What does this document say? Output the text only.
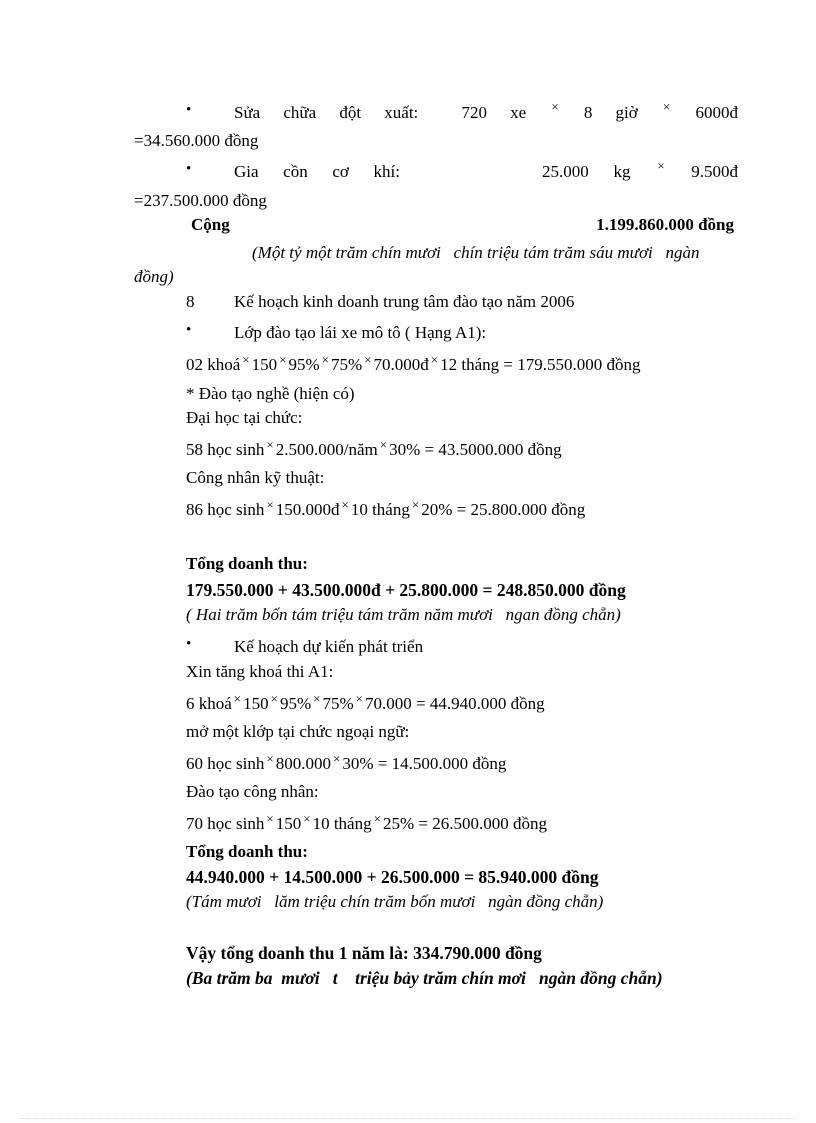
•	Sửa chữa đột xuất:	720 xe × 8 giờ × 6000đ
=34.560.000 đồng
•	Gia cồn cơ khí:	25.000 kg × 9.500đ
=237.500.000 đồng
Cộng	1.199.860.000 đồng
(Một tỷ một trăm chín mươi   chín triệu tám trăm sáu mươi   ngàn
đồng)
8 Kế hoạch kinh doanh trung tâm đào tạo năm 2006
•	Lớp đào tạo lái xe mô tô ( Hạng A1):
02 khoá × 150 × 95% × 75% × 70.000đ × 12 tháng = 179.550.000 đồng
* Đào tạo nghề (hiện có)
Đại học tại chức:
58 học sinh × 2.500.000/năm × 30% = 43.5000.000 đồng
Công nhân kỹ thuật:
86 học sinh × 150.000đ × 10 tháng × 20% = 25.800.000 đồng
Tổng doanh thu:
179.550.000 + 43.500.000đ + 25.800.000 = 248.850.000 đồng
( Hai trăm bốn tám triệu tám trăm năm mươi   ngan đồng chẵn)
•	Kế hoạch dự kiến phát triển
Xin tăng khoá thi A1:
6 khoá × 150 × 95% × 75% × 70.000 = 44.940.000 đồng
mở một klớp tại chức ngoại ngữ:
60 học sinh × 800.000 × 30% = 14.500.000 đồng
Đào tạo công nhân:
70 học sinh × 150 × 10 tháng × 25% = 26.500.000 đồng
Tổng doanh thu:
44.940.000 + 14.500.000 + 26.500.000 = 85.940.000 đồng
(Tám mươi   lăm triệu chín trăm bốn mươi   ngàn đồng chẵn)
Vậy tổng doanh thu 1 năm là: 334.790.000 đồng
(Ba trăm ba  mươi   t    triệu bảy trăm chín mơi   ngàn đồng chẵn)
